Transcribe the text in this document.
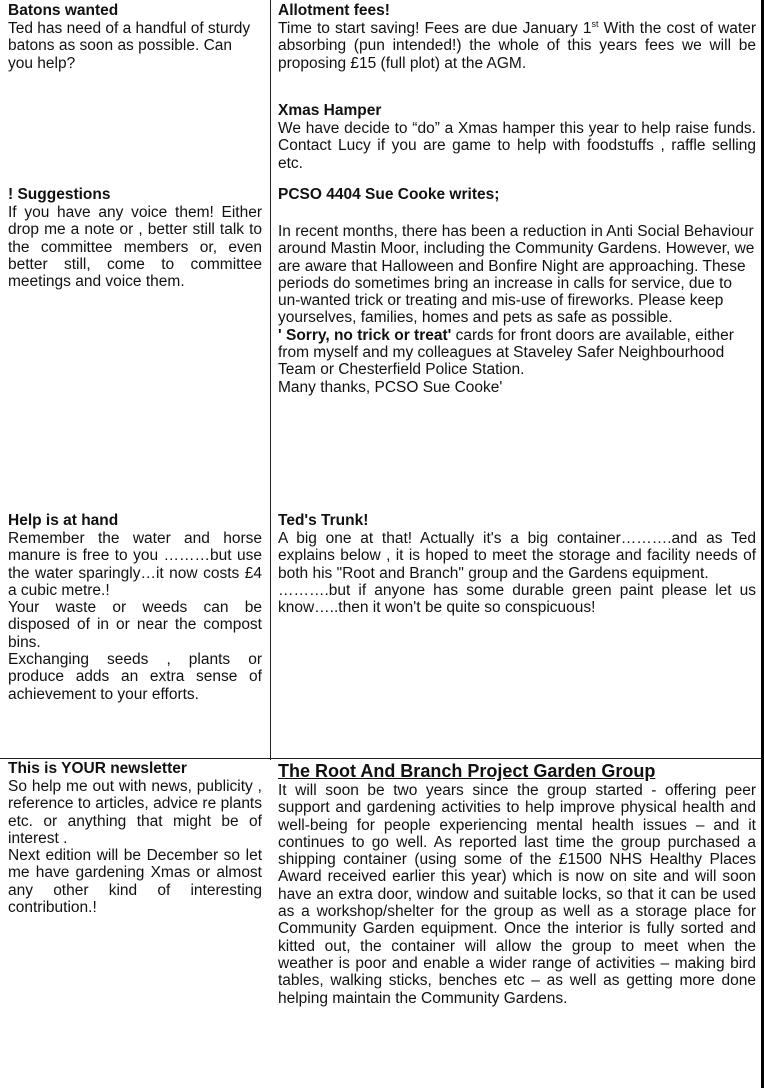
Batons wanted

Ted has need of a handful of sturdy batons as soon as possible. Can you help?

Allotment fees!

Time to start saving! Fees are due January 1st With the cost of water absorbing (pun intended!) the whole of this years fees we will be proposing £15 (full plot) at the AGM.

Xmas Hamper

We have decide to “do” a Xmas hamper this year to help raise funds. Contact Lucy if you are game to help with foodstuffs , raffle selling etc.

! Suggestions

If you have any voice them! Either drop me a note or , better still talk to the committee members or, even better still, come to committee meetings and voice them.

PCSO 4404 Sue Cooke writes;

In recent months, there has been a reduction in Anti Social Behaviour around Mastin Moor, including the Community Gardens. However, we are aware that Halloween and Bonfire Night are approaching. These periods do sometimes bring an increase in calls for service, due to un-wanted trick or treating and mis-use of fireworks. Please keep yourselves, families, homes and pets as safe as possible.

' Sorry, no trick or treat' cards for front doors are available, either from myself and my colleagues at Staveley Safer Neighbourhood Team or Chesterfield Police Station.

Many thanks, PCSO Sue Cooke'

Help is at hand

Remember the water and horse manure is free to you ………but use the water sparingly…it now costs £4 a cubic metre.!

Your waste or weeds can be disposed of in or near the compost bins.

Exchanging seeds , plants or produce adds an extra sense of achievement to your efforts.

Ted's Trunk!

A big one at that! Actually it's a big container……….and as Ted explains below , it is hoped to meet the storage and facility needs of both his "Root and Branch" group and the Gardens equipment.

……….but if anyone has some durable green paint please let us know…..then it won't be quite so conspicuous!

This is YOUR newsletter

So help me out with news, publicity , reference to articles, advice re plants etc. or anything that might be of interest .

Next edition will be December so let me have gardening Xmas or almost any other kind of interesting contribution.!

The Root And Branch Project Garden Group

It will soon be two years since the group started - offering peer support and gardening activities to help improve physical health and well-being for people experiencing mental health issues – and it continues to go well. As reported last time the group purchased a shipping container (using some of the £1500 NHS Healthy Places Award received earlier this year) which is now on site and will soon have an extra door, window and suitable locks, so that it can be used as a workshop/shelter for the group as well as a storage place for Community Garden equipment. Once the interior is fully sorted and kitted out, the container will allow the group to meet when the weather is poor and enable a wider range of activities – making bird tables, walking sticks, benches etc – as well as getting more done helping maintain the Community Gardens.
